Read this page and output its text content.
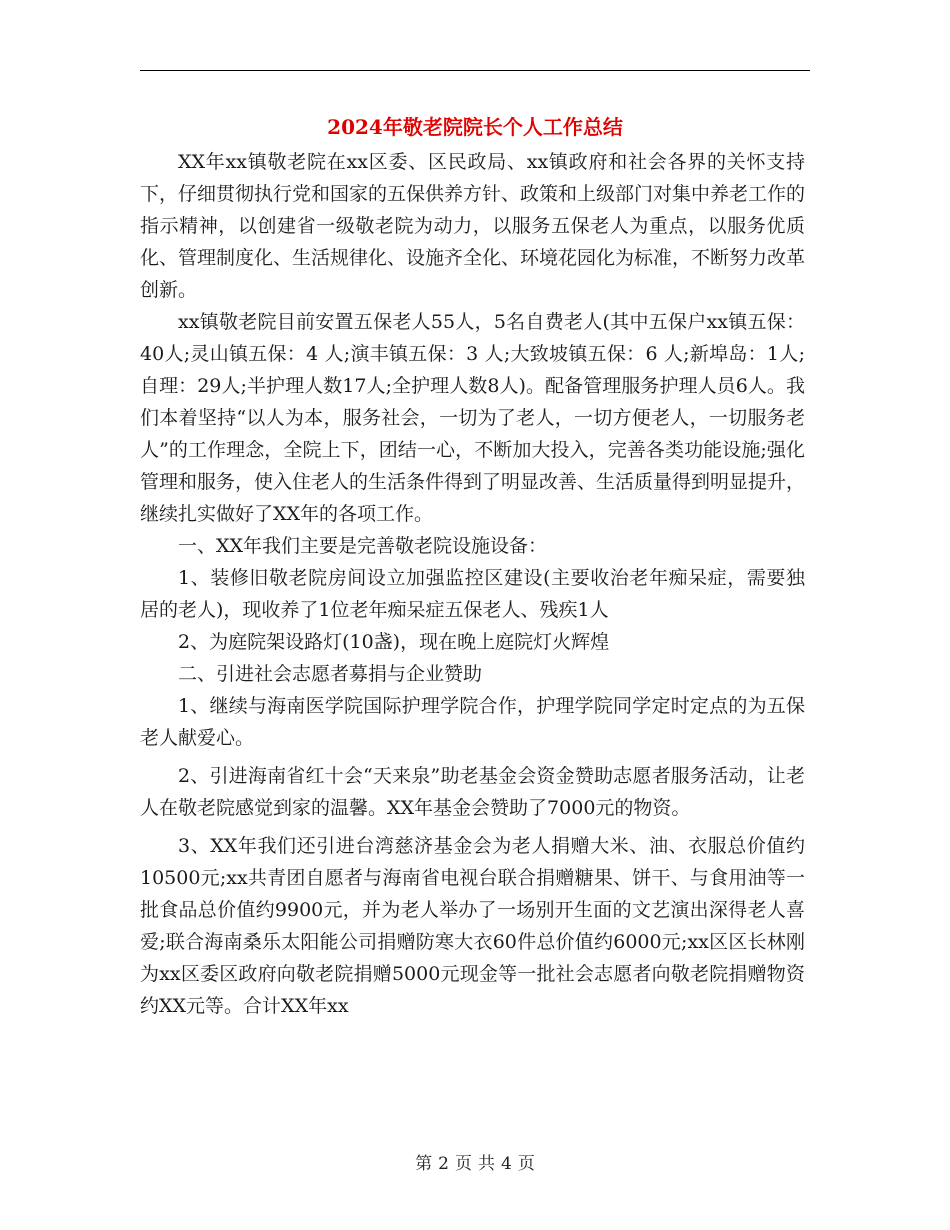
2024年敬老院院长个人工作总结

XX年xx镇敬老院在xx区委、区民政局、xx镇政府和社会各界的关怀支持下，仔细贯彻执行党和国家的五保供养方针、政策和上级部门对集中养老工作的指示精神，以创建省一级敬老院为动力，以服务五保老人为重点，以服务优质化、管理制度化、生活规律化、设施齐全化、环境花园化为标准，不断努力改革创新。

xx镇敬老院目前安置五保老人55人，5名自费老人(其中五保户xx镇五保：40人;灵山镇五保：4 人;演丰镇五保：3 人;大致坡镇五保：6 人;新埠岛：1人;自理：29人;半护理人数17人;全护理人数8人)。配备管理服务护理人员6人。我们本着坚持“以人为本，服务社会，一切为了老人，一切方便老人，一切服务老人”的工作理念，全院上下，团结一心，不断加大投入，完善各类功能设施;强化管理和服务，使入住老人的生活条件得到了明显改善、生活质量得到明显提升，继续扎实做好了XX年的各项工作。

一、XX年我们主要是完善敬老院设施设备：

1、装修旧敬老院房间设立加强监控区建设(主要收治老年痴呆症，需要独居的老人)，现收养了1位老年痴呆症五保老人、残疾1人

2、为庭院架设路灯(10盏)，现在晚上庭院灯火辉煌

二、引进社会志愿者募捐与企业赞助

1、继续与海南医学院国际护理学院合作，护理学院同学定时定点的为五保老人献爱心。

2、引进海南省红十会“天来泉”助老基金会资金赞助志愿者服务活动，让老人在敬老院感觉到家的温馨。XX年基金会赞助了7000元的物资。

3、XX年我们还引进台湾慈济基金会为老人捐赠大米、油、衣服总价值约10500元;xx共青团自愿者与海南省电视台联合捐赠糖果、饼干、与食用油等一批食品总价值约9900元，并为老人举办了一场别开生面的文艺演出深得老人喜爱;联合海南桑乐太阳能公司捐赠防寒大衣60件总价值约6000元;xx区区长林刚为xx区委区政府向敬老院捐赠5000元现金等一批社会志愿者向敬老院捐赠物资约XX元等。合计XX年xx

第 2 页 共 4 页
